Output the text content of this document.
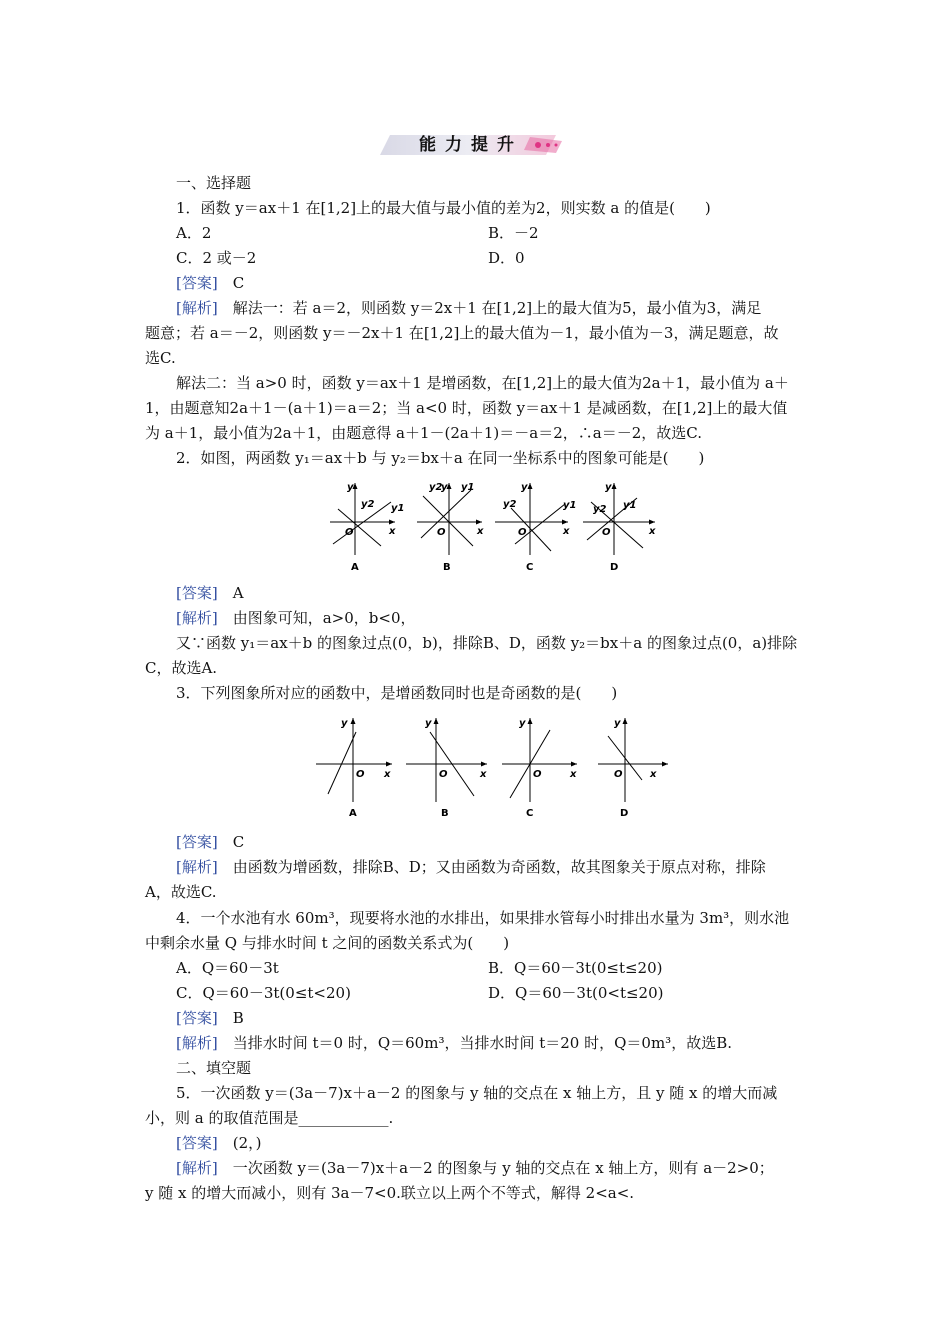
能力提升
一、选择题
1．函数 y＝ax＋1 在[1,2]上的最大值与最小值的差为2，则实数 a 的值是(　　)
A．2	B．－2
C．2 或－2	D．0
[答案]　 C
[解析]　 解法一：若 a＝2，则函数 y＝2x＋1 在[1,2]上的最大值为5，最小值为3，满足
题意；若 a＝－2，则函数 y＝－2x＋1 在[1,2]上的最大值为－1，最小值为－3，满足题意，故
选C.
解法二：当 a>0 时，函数 y＝ax＋1 是增函数，在[1,2]上的最大值为2a＋1，最小值为 a＋
1，由题意知2a＋1－(a＋1)＝a＝2；当 a<0 时，函数 y＝ax＋1 是减函数，在[1,2]上的最大值
为 a＋1，最小值为2a＋1，由题意得 a＋1－(2a＋1)＝－a＝2，∴a＝－2，故选C.
2．如图，两函数 y₁＝ax＋b 与 y₂＝bx＋a 在同一坐标系中的图象可能是(　　)
y
y2 y1
O	x
A
y2
y y1
O	x
B
y
y2	y1
O	x
C
y
y2 y1
O	x
D
[答案]　 A
[解析]　 由图象可知，a>0，b<0，
又∵函数 y₁＝ax＋b 的图象过点(0，b)，排除B、D，函数 y₂＝bx＋a 的图象过点(0，a)排除
C，故选A.
3．下列图象所对应的函数中，是增函数同时也是奇函数的是(　　)
y
O x
A
y
O	x
B
y
O	x
C
y
O	x
D
[答案]　 C
[解析]　 由函数为增函数，排除B、D；又由函数为奇函数，故其图象关于原点对称，排除
A，故选C.
4．一个水池有水 60m³，现要将水池的水排出，如果排水管每小时排出水量为 3m³，则水池
中剩余水量 Q 与排水时间 t 之间的函数关系式为(　　)
A．Q＝60－3t	B．Q＝60－3t(0≤t≤20)
C．Q＝60－3t(0≤t<20)	D．Q＝60－3t(0<t≤20)
[答案]　 B
[解析]　 当排水时间 t＝0 时，Q＝60m³，当排水时间 t＝20 时，Q＝0m³，故选B.
二、填空题
5．一次函数 y＝(3a－7)x＋a－2 的图象与 y 轴的交点在 x 轴上方，且 y 随 x 的增大而减
小，则 a 的取值范围是____________.
[答案]　 (2，)
[解析]　 一次函数 y＝(3a－7)x＋a－2 的图象与 y 轴的交点在 x 轴上方，则有 a－2>0；
y 随 x 的增大而减小，则有 3a－7<0.联立以上两个不等式，解得 2<a<.
